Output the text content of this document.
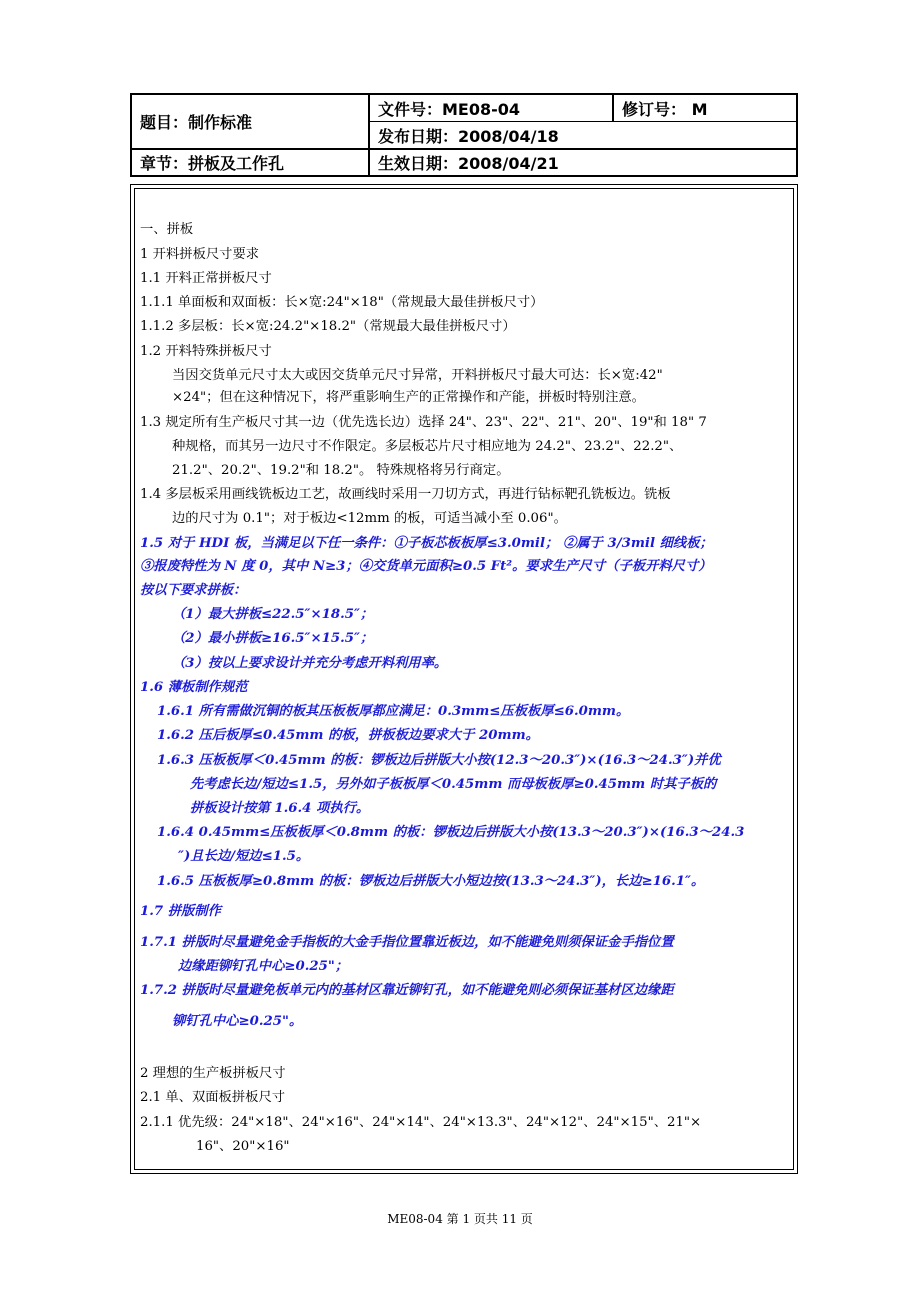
题目：制作标准
文件号：ME08-04	修订号： M
发布日期：2008/04/18
章节：拼板及工作孔	生效日期：2008/04/21
一、拼板
1 开料拼板尺寸要求
1.1 开料正常拼板尺寸
1.1.1 单面板和双面板：长×宽:24"×18"（常规最大最佳拼板尺寸）
1.1.2 多层板：长×宽:24.2"×18.2"（常规最大最佳拼板尺寸）
1.2 开料特殊拼板尺寸
当因交货单元尺寸太大或因交货单元尺寸异常，开料拼板尺寸最大可达：长×宽:42"
×24"；但在这种情况下，将严重影响生产的正常操作和产能，拼板时特别注意。
1.3 规定所有生产板尺寸其一边（优先选长边）选择 24"、23"、22"、21"、20"、19"和 18" 7
种规格，而其另一边尺寸不作限定。多层板芯片尺寸相应地为 24.2"、23.2"、22.2"、
21.2"、20.2"、19.2"和 18.2"。 特殊规格将另行商定。
1.4 多层板采用画线铣板边工艺，故画线时采用一刀切方式，再进行钻标靶孔铣板边。铣板
边的尺寸为 0.1"；对于板边<12mm 的板，可适当减小至 0.06"。
1.5 对于 HDI 板，当满足以下任一条件：①子板芯板板厚≤3.0mil； ②属于 3/3mil 细线板；
③报废特性为 N 度 0，其中 N≥3；④交货单元面积≥0.5 Ft²。要求生产尺寸（子板开料尺寸）
按以下要求拼板：
（1）最大拼板≤22.5″×18.5″；
（2）最小拼板≥16.5″×15.5″；
（3）按以上要求设计并充分考虑开料利用率。
1.6 薄板制作规范
1.6.1 所有需做沉铜的板其压板板厚都应满足：0.3mm≤压板板厚≤6.0mm。
1.6.2 压后板厚≤0.45mm 的板，拼板板边要求大于 20mm。
1.6.3 压板板厚＜0.45mm 的板：锣板边后拼版大小按(12.3～20.3″)×(16.3～24.3″)并优
先考虑长边/短边≤1.5，另外如子板板厚＜0.45mm 而母板板厚≥0.45mm 时其子板的
拼板设计按第 1.6.4 项执行。
1.6.4 0.45mm≤压板板厚＜0.8mm 的板：锣板边后拼版大小按(13.3～20.3″)×(16.3～24.3
″)且长边/短边≤1.5。
1.6.5 压板板厚≥0.8mm 的板：锣板边后拼版大小短边按(13.3～24.3″)，长边≥16.1″。
1.7 拼版制作
1.7.1 拼版时尽量避免金手指板的大金手指位置靠近板边，如不能避免则须保证金手指位置
边缘距铆钉孔中心≥0.25"；
1.7.2 拼版时尽量避免板单元内的基材区靠近铆钉孔，如不能避免则必须保证基材区边缘距
铆钉孔中心≥0.25"。
2 理想的生产板拼板尺寸
2.1 单、双面板拼板尺寸
2.1.1 优先级：24"×18"、24"×16"、24"×14"、24"×13.3"、24"×12"、24"×15"、21"×
16"、20"×16"
ME08-04 第 1 页共 11 页
